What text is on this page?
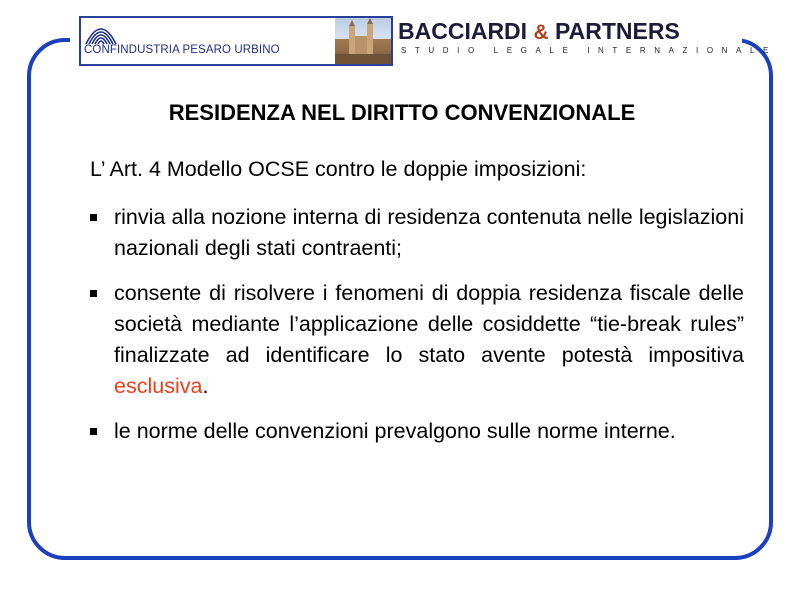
CONFINDUSTRIA PESARO URBINO
BACCIARDI & PARTNERS
STUDIO LEGALE INTERNAZIONALE
RESIDENZA NEL DIRITTO CONVENZIONALE
L’ Art. 4 Modello OCSE contro le doppie imposizioni:
rinvia alla nozione interna di residenza contenuta nelle legislazioni nazionali degli stati contraenti;
consente di risolvere i fenomeni di doppia residenza fiscale delle società mediante l’applicazione delle cosiddette “tie-break rules” finalizzate ad identificare lo stato avente potestà impositiva esclusiva.
le norme delle convenzioni prevalgono sulle norme interne.
